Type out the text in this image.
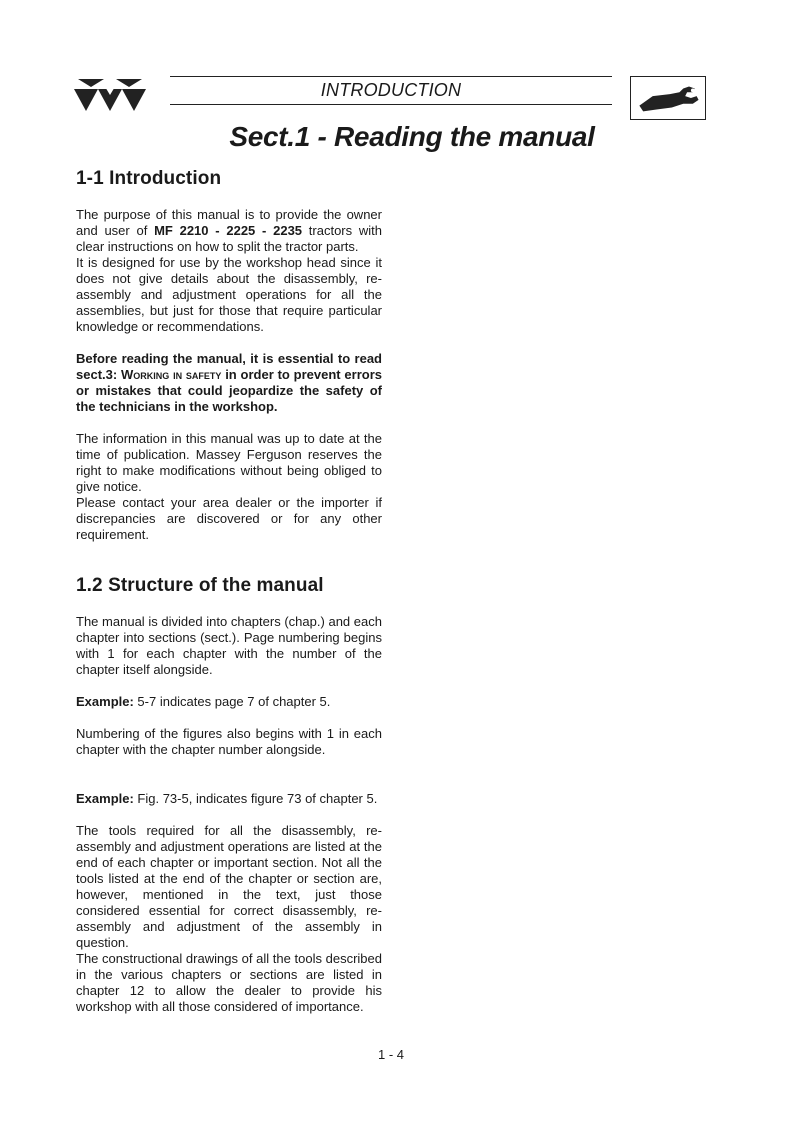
INTRODUCTION
Sect.1 - Reading the manual
1-1 Introduction

The purpose of this manual is to provide the owner and user of MF 2210 - 2225 - 2235 tractors with clear instructions on how to split the tractor parts.

It is designed for use by the workshop head since it does not give details about the disassembly, re-assembly and adjustment operations for all the assemblies, but just for those that require particular knowledge or recommendations.

Before reading the manual, it is essential to read sect.3: Working in safety in order to prevent errors or mistakes that could jeopardize the safety of the technicians in the workshop.

The information in this manual was up to date at the time of publication. Massey Ferguson reserves the right to make modifications without being obliged to give notice.

Please contact your area dealer or the importer if discrepancies are discovered or for any other requirement.

1.2 Structure of the manual

The manual is divided into chapters (chap.) and each chapter into sections (sect.). Page numbering begins with 1 for each chapter with the number of the chapter itself alongside.

Example: 5-7 indicates page 7 of chapter 5.

Numbering of the figures also begins with 1 in each chapter with the chapter number alongside.

Example: Fig. 73-5, indicates figure 73 of chapter 5.

The tools required for all the disassembly, re-assembly and adjustment operations are listed at the end of each chapter or important section. Not all the tools listed at the end of the chapter or section are, however, mentioned in the text, just those considered essential for correct disassembly, re-assembly and adjustment of the assembly in question.

The constructional drawings of all the tools described in the various chapters or sections are listed in chapter 12 to allow the dealer to provide his workshop with all those considered of importance.

1 - 4
